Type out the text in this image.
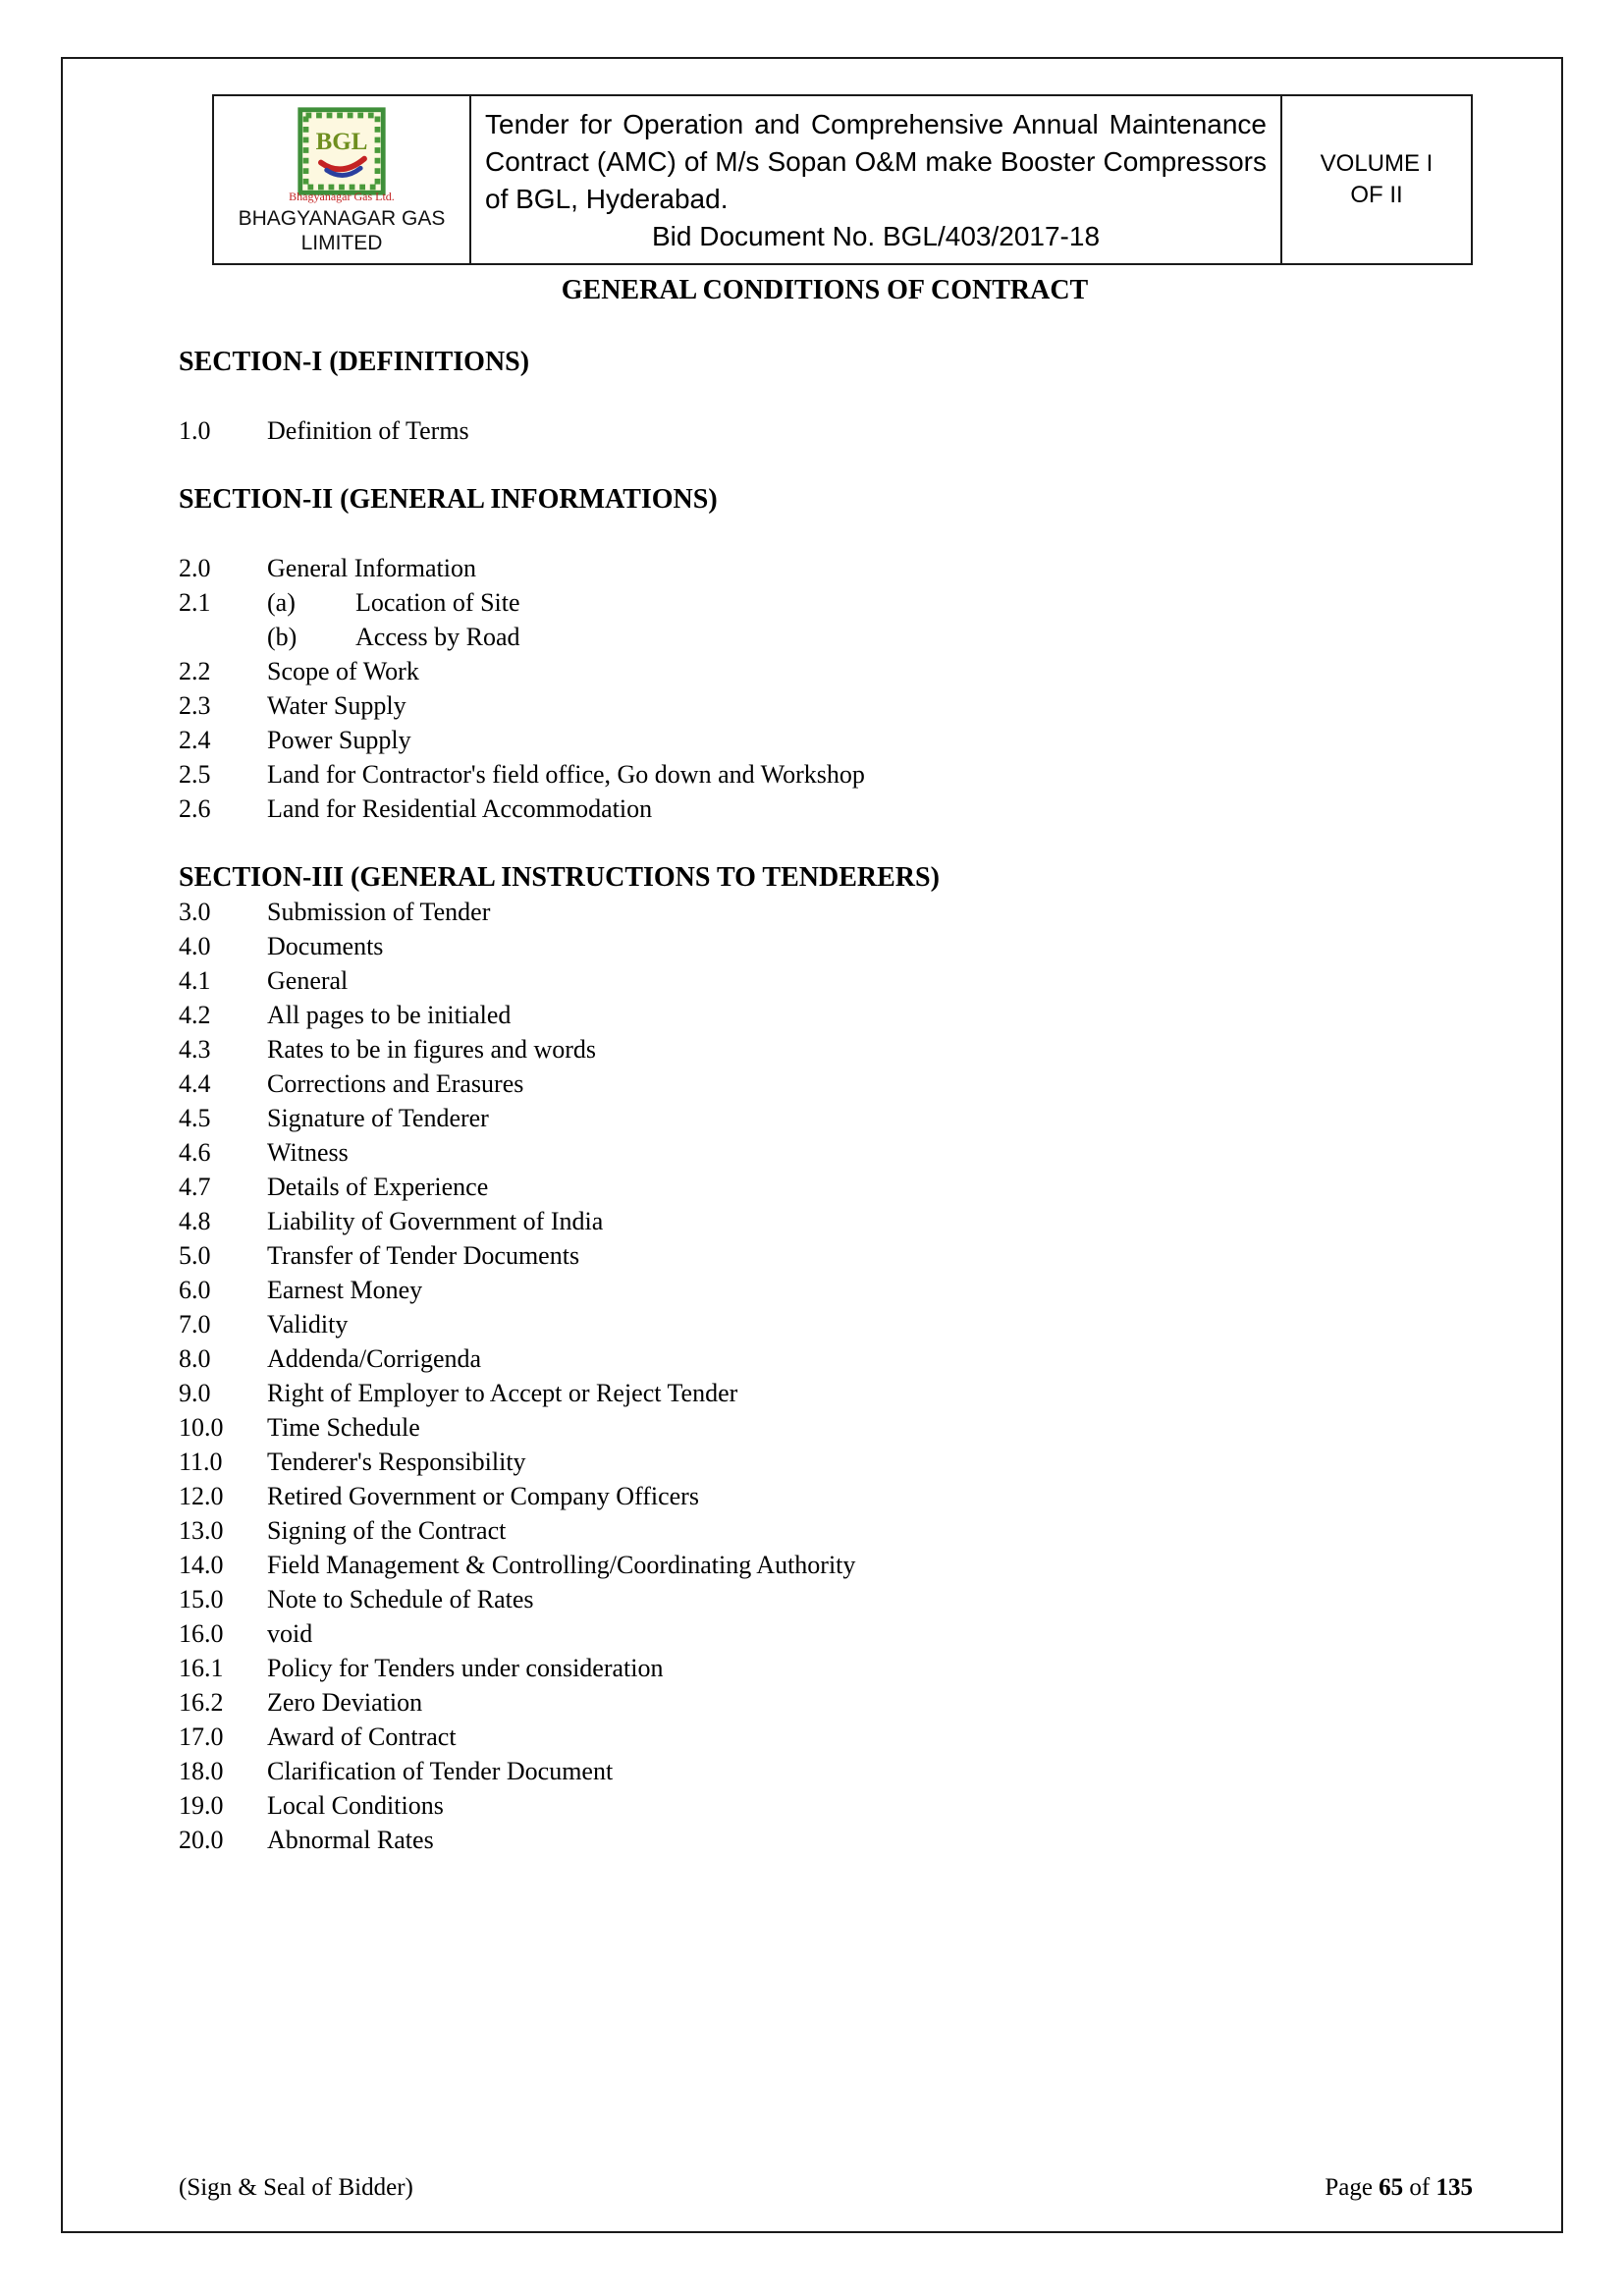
BGL
Bhagyanagar Gas Ltd.
BHAGYANAGAR GAS
LIMITED
Tender for Operation and Comprehensive Annual Maintenance Contract (AMC) of M/s Sopan O&M make Booster Compressors of BGL, Hyderabad.
Bid Document No. BGL/403/2017-18
VOLUME I
OF II
GENERAL CONDITIONS OF CONTRACT
SECTION-I (DEFINITIONS)
1.0	Definition of Terms
SECTION-II (GENERAL INFORMATIONS)
2.0	General Information
2.1	(a)	Location of Site
(b)	Access by Road
2.2	Scope of Work
2.3	Water Supply
2.4	Power Supply
2.5	Land for Contractor's field office, Go down and Workshop
2.6	Land for Residential Accommodation
SECTION-III (GENERAL INSTRUCTIONS TO TENDERERS)
3.0	Submission of Tender
4.0	Documents
4.1	General
4.2	All pages to be initialed
4.3	Rates to be in figures and words
4.4	Corrections and Erasures
4.5	Signature of Tenderer
4.6	Witness
4.7	Details of Experience
4.8	Liability of Government of India
5.0	Transfer of Tender Documents
6.0	Earnest Money
7.0	Validity
8.0	Addenda/Corrigenda
9.0	Right of Employer to Accept or Reject Tender
10.0	Time Schedule
11.0	Tenderer's Responsibility
12.0	Retired Government or Company Officers
13.0	Signing of the Contract
14.0	Field Management & Controlling/Coordinating Authority
15.0	Note to Schedule of Rates
16.0	void
16.1	Policy for Tenders under consideration
16.2	Zero Deviation
17.0	Award of Contract
18.0	Clarification of Tender Document
19.0	Local Conditions
20.0	Abnormal Rates
(Sign & Seal of Bidder)	Page 65 of 135
